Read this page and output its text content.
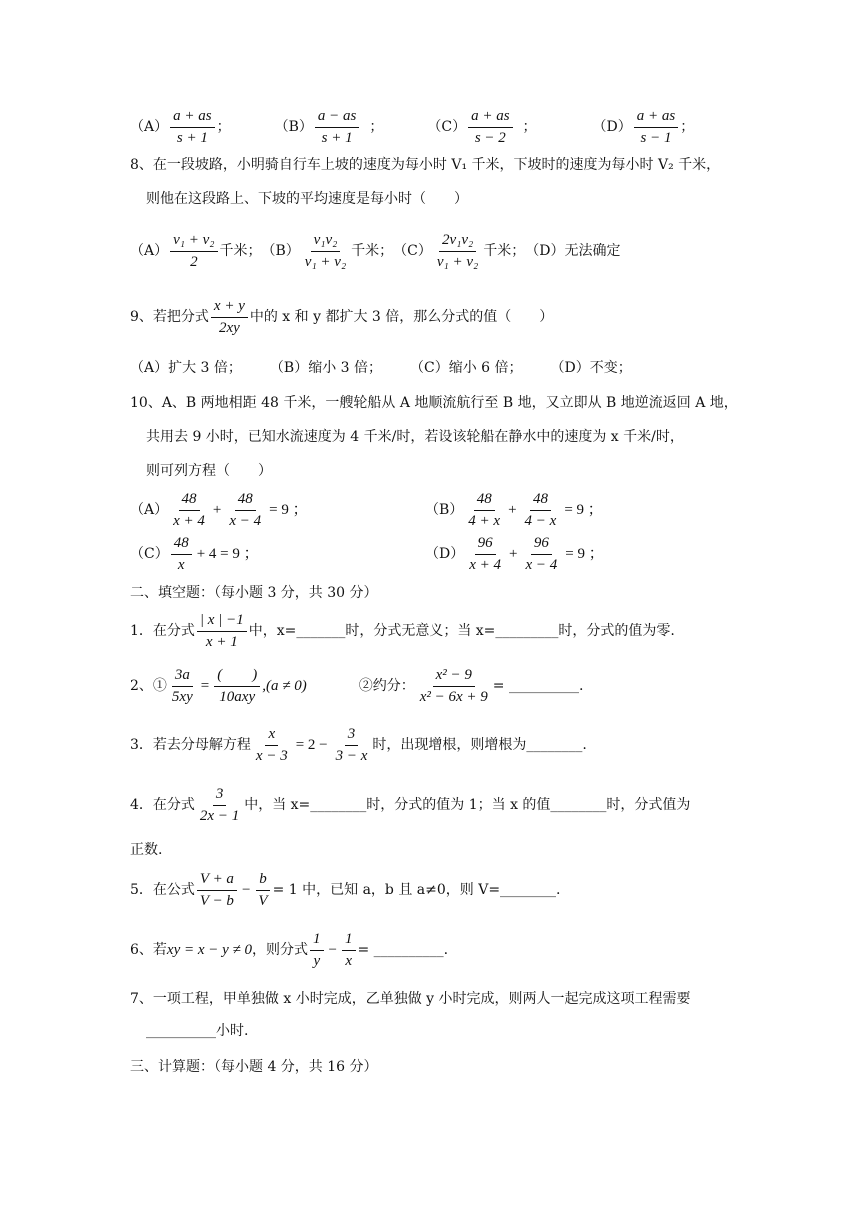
$(A) \frac{a + as}{s + 1}$ ；	$(B) \frac{a - as}{s + 1}$ ；	$(C) \frac{a + as}{s - 2}$ ；	$(D) \frac{a + as}{s - 1}$ ；
8、在一段坡路，小明骑自行车上坡的速度为每小时 V₁ 千米，下坡时的速度为每小时 V₂ 千米，
则他在这段路上、下坡的平均速度是每小时（　　）
$(A) \frac{\text{v₁ + v₂}}{2}$ 千米； $(B) \frac{\text{v₁v₂}}{\text{v₁ + v₂}}$ 千米； $(C) \frac{\text{2v₁v₂}}{\text{v₁ + v₂}}$ 千米； （D）无法确定
9、若把分式 $\frac{x + y}{2xy}$ 中的 x 和 y 都扩大 3 倍，那么分式的值（　　）
（A）扩大 3 倍；　　　（B）缩小 3 倍；　　　（C）缩小 6 倍；　　　（D）不变；
10、A、B 两地相距 48 千米，一艘轮船从 A 地顺流航行至 B 地，又立即从 B 地逆流返回 A 地，
共用去 9 小时，已知水流速度为 4 千米/时，若设该轮船在静水中的速度为 x 千米/时，
则可列方程（　　）
$(A) \frac{48}{x + 4} + \frac{48}{x - 4} = 9$ ；	$(B) \frac{48}{4 + x} + \frac{48}{4 - x} = 9$ ；
$(C) \frac{48}{x} + 4 = 9$ ；	$(D) \frac{96}{x + 4} + \frac{96}{x - 4} = 9$ ；
二、填空题：（每小题 3 分，共 30 分）
1．在分式 $\frac{| x | -1}{x + 1}$ 中，x=_______时，分式无意义；当 x=_________时，分式的值为零.
2、① $\frac{3a}{5xy} = \frac{( )}{\text{10axy}} ,(a \ne 0)$	②约分： $\frac{\text{x² − 9}}{\text{x² − 6x + 9}}$ = __________.
3．若去分母解方程 $\frac{x}{x - 3} = 2 - \frac{3}{3 - x}$ 时，出现增根，则增根为________.
4．在分式 $\frac{3}{2x - 1}$ 中，当 x=________时，分式的值为 1；当 x 的值________时，分式值为
正数.
5．在公式 $\frac{V + a}{V - b} - \frac{b}{V} = 1$ 中，已知 a，b 且 a≠0，则 V=________.
6、若 xy = x − y ≠ 0 ，则分式 $\frac{1}{y} - \frac{1}{x}$ = __________.
7、一项工程，甲单独做 x 小时完成，乙单独做 y 小时完成，则两人一起完成这项工程需要
__________小时.
三、计算题：（每小题 4 分，共 16 分）
